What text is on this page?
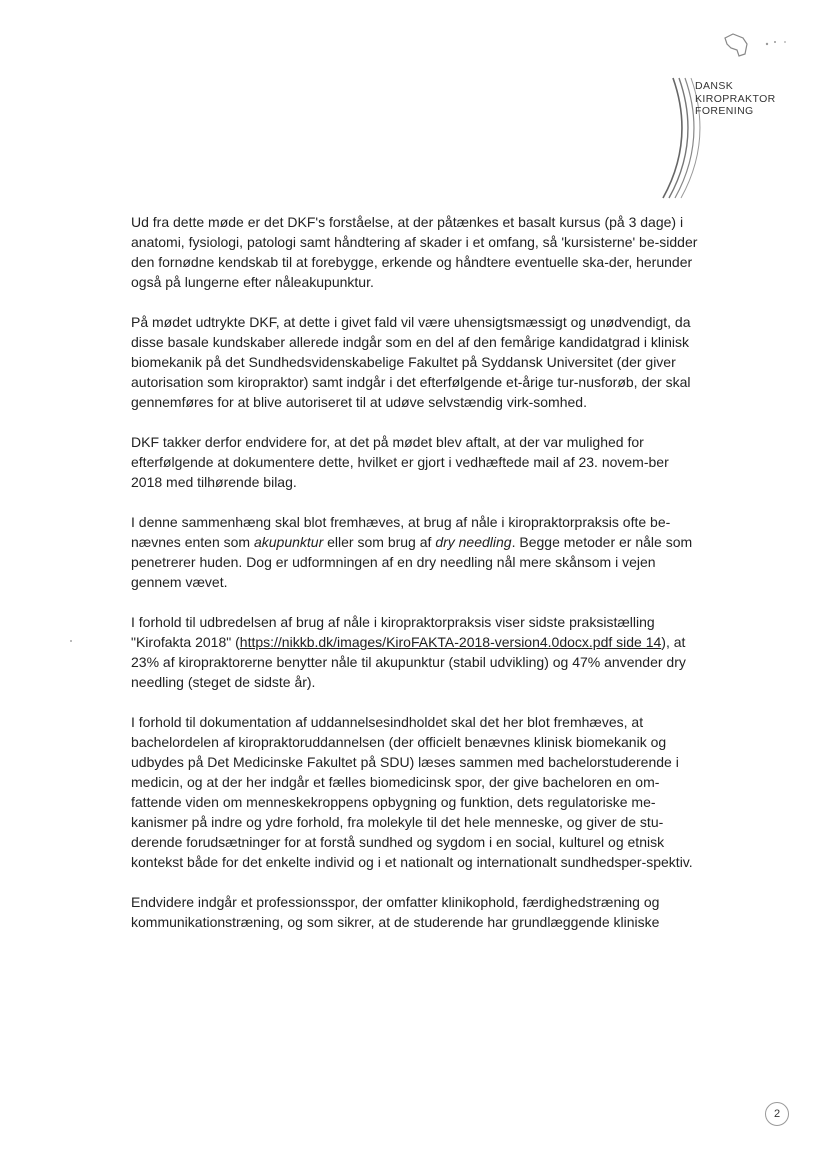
DANSK
KIROPRAKTOR
FORENING

Ud fra dette møde er det DKF's forståelse, at der påtænkes et basalt kursus (på 3 dage) i anatomi, fysiologi, patologi samt håndtering af skader i et omfang, så 'kursisterne' be-sidder den fornødne kendskab til at forebygge, erkende og håndtere eventuelle ska-der, herunder også på lungerne efter nåleakupunktur.

På mødet udtrykte DKF, at dette i givet fald vil være uhensigtsmæssigt og unødvendigt, da disse basale kundskaber allerede indgår som en del af den femårige kandidatgrad i klinisk biomekanik på det Sundhedsvidenskabelige Fakultet på Syddansk Universitet (der giver autorisation som kiropraktor) samt indgår i det efterfølgende et-årige tur-nusforøb, der skal gennemføres for at blive autoriseret til at udøve selvstændig virk-somhed.

DKF takker derfor endvidere for, at det på mødet blev aftalt, at der var mulighed for efterfølgende at dokumentere dette, hvilket er gjort i vedhæftede mail af 23. novem-ber 2018 med tilhørende bilag.

I denne sammenhæng skal blot fremhæves, at brug af nåle i kiropraktorpraksis ofte be-nævnes enten som akupunktur eller som brug af dry needling. Begge metoder er nåle som penetrerer huden. Dog er udformningen af en dry needling nål mere skånsom i vejen gennem vævet.

I forhold til udbredelsen af brug af nåle i kiropraktorpraksis viser sidste praksistælling "Kirofakta 2018" (https://nikkb.dk/images/KiroFAKTA-2018-version4.0docx.pdf side 14), at 23% af kiropraktorerne benytter nåle til akupunktur (stabil udvikling) og 47% anvender dry needling (steget de sidste år).

I forhold til dokumentation af uddannelsesindholdet skal det her blot fremhæves, at bachelordelen af kiropraktoruddannelsen (der officielt benævnes klinisk biomekanik og udbydes på Det Medicinske Fakultet på SDU) læses sammen med bachelorstuderende i medicin, og at der her indgår et fælles biomedicinsk spor, der give bacheloren en om-fattende viden om menneskekroppens opbygning og funktion, dets regulatoriske me-kanismer på indre og ydre forhold, fra molekyle til det hele menneske, og giver de stu-derende forudsætninger for at forstå sundhed og sygdom i en social, kulturel og etnisk kontekst både for det enkelte individ og i et nationalt og internationalt sundhedsper-spektiv.

Endvidere indgår et professionsspor, der omfatter klinikophold, færdighedstræning og kommunikationstræning, og som sikrer, at de studerende har grundlæggende kliniske

2
